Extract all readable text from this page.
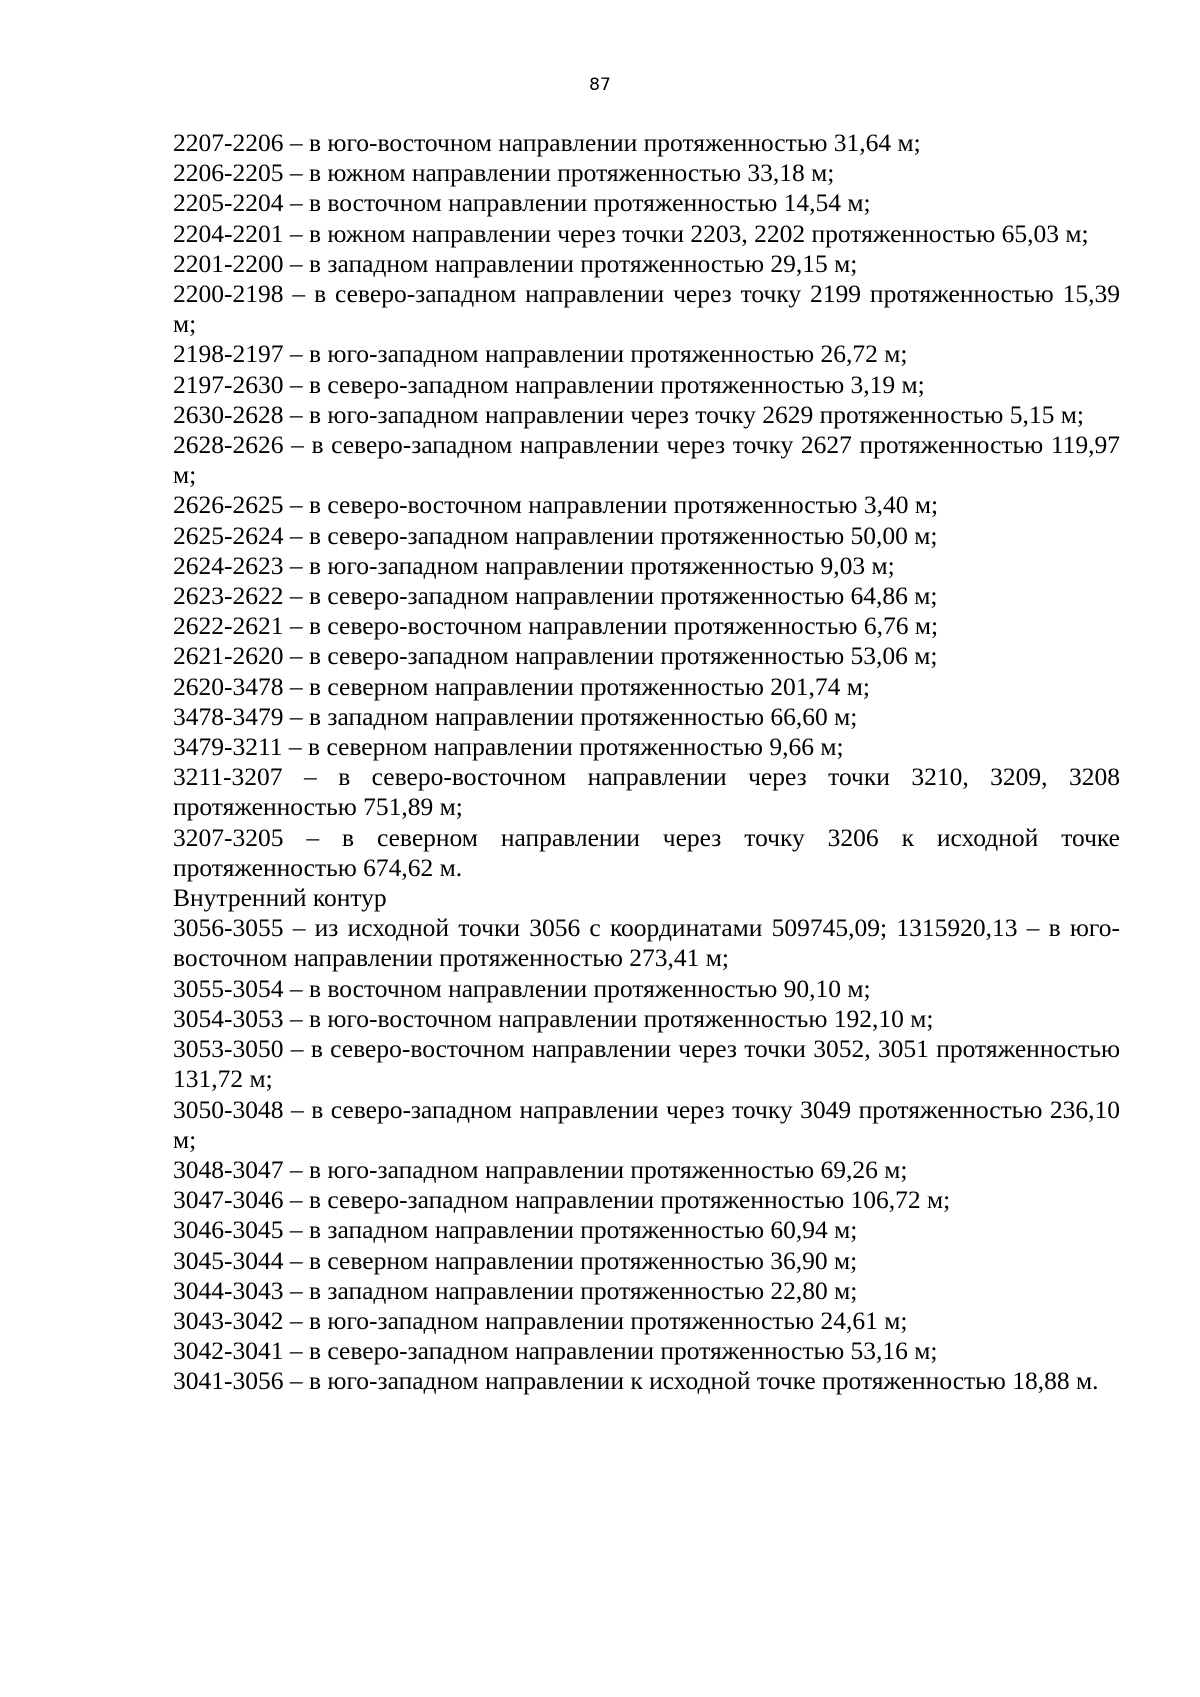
87

2207-2206 – в юго-восточном направлении протяженностью 31,64 м;

2206-2205 – в южном направлении протяженностью 33,18 м;

2205-2204 – в восточном направлении протяженностью 14,54 м;

2204-2201 – в южном направлении через точки 2203, 2202 протяженностью 65,03 м;

2201-2200 – в западном направлении протяженностью 29,15 м;

2200-2198 – в северо-западном направлении через точку 2199 протяженностью 15,39 м;

2198-2197 – в юго-западном направлении протяженностью 26,72 м;

2197-2630 – в северо-западном направлении протяженностью 3,19 м;

2630-2628 – в юго-западном направлении через точку 2629 протяженностью 5,15 м;

2628-2626 – в северо-западном направлении через точку 2627 протяженностью 119,97 м;

2626-2625 – в северо-восточном направлении протяженностью 3,40 м;

2625-2624 – в северо-западном направлении протяженностью 50,00 м;

2624-2623 – в юго-западном направлении протяженностью 9,03 м;

2623-2622 – в северо-западном направлении протяженностью 64,86 м;

2622-2621 – в северо-восточном направлении протяженностью 6,76 м;

2621-2620 – в северо-западном направлении протяженностью 53,06 м;

2620-3478 – в северном направлении протяженностью 201,74 м;

3478-3479 – в западном направлении протяженностью 66,60 м;

3479-3211 – в северном направлении протяженностью 9,66 м;

3211-3207 – в северо-восточном направлении через точки 3210, 3209, 3208 протяженностью 751,89 м;

3207-3205 – в северном направлении через точку 3206 к исходной точке протяженностью 674,62 м.

Внутренний контур

3056-3055 – из исходной точки 3056 с координатами 509745,09; 1315920,13 – в юго-восточном направлении протяженностью 273,41 м;

3055-3054 – в восточном направлении протяженностью 90,10 м;

3054-3053 – в юго-восточном направлении протяженностью 192,10 м;

3053-3050 – в северо-восточном направлении через точки 3052, 3051 протяженностью 131,72 м;

3050-3048 – в северо-западном направлении через точку 3049 протяженностью 236,10 м;

3048-3047 – в юго-западном направлении протяженностью 69,26 м;

3047-3046 – в северо-западном направлении протяженностью 106,72 м;

3046-3045 – в западном направлении протяженностью 60,94 м;

3045-3044 – в северном направлении протяженностью 36,90 м;

3044-3043 – в западном направлении протяженностью 22,80 м;

3043-3042 – в юго-западном направлении протяженностью 24,61 м;

3042-3041 – в северо-западном направлении протяженностью 53,16 м;

3041-3056 – в юго-западном направлении к исходной точке протяженностью 18,88 м.
